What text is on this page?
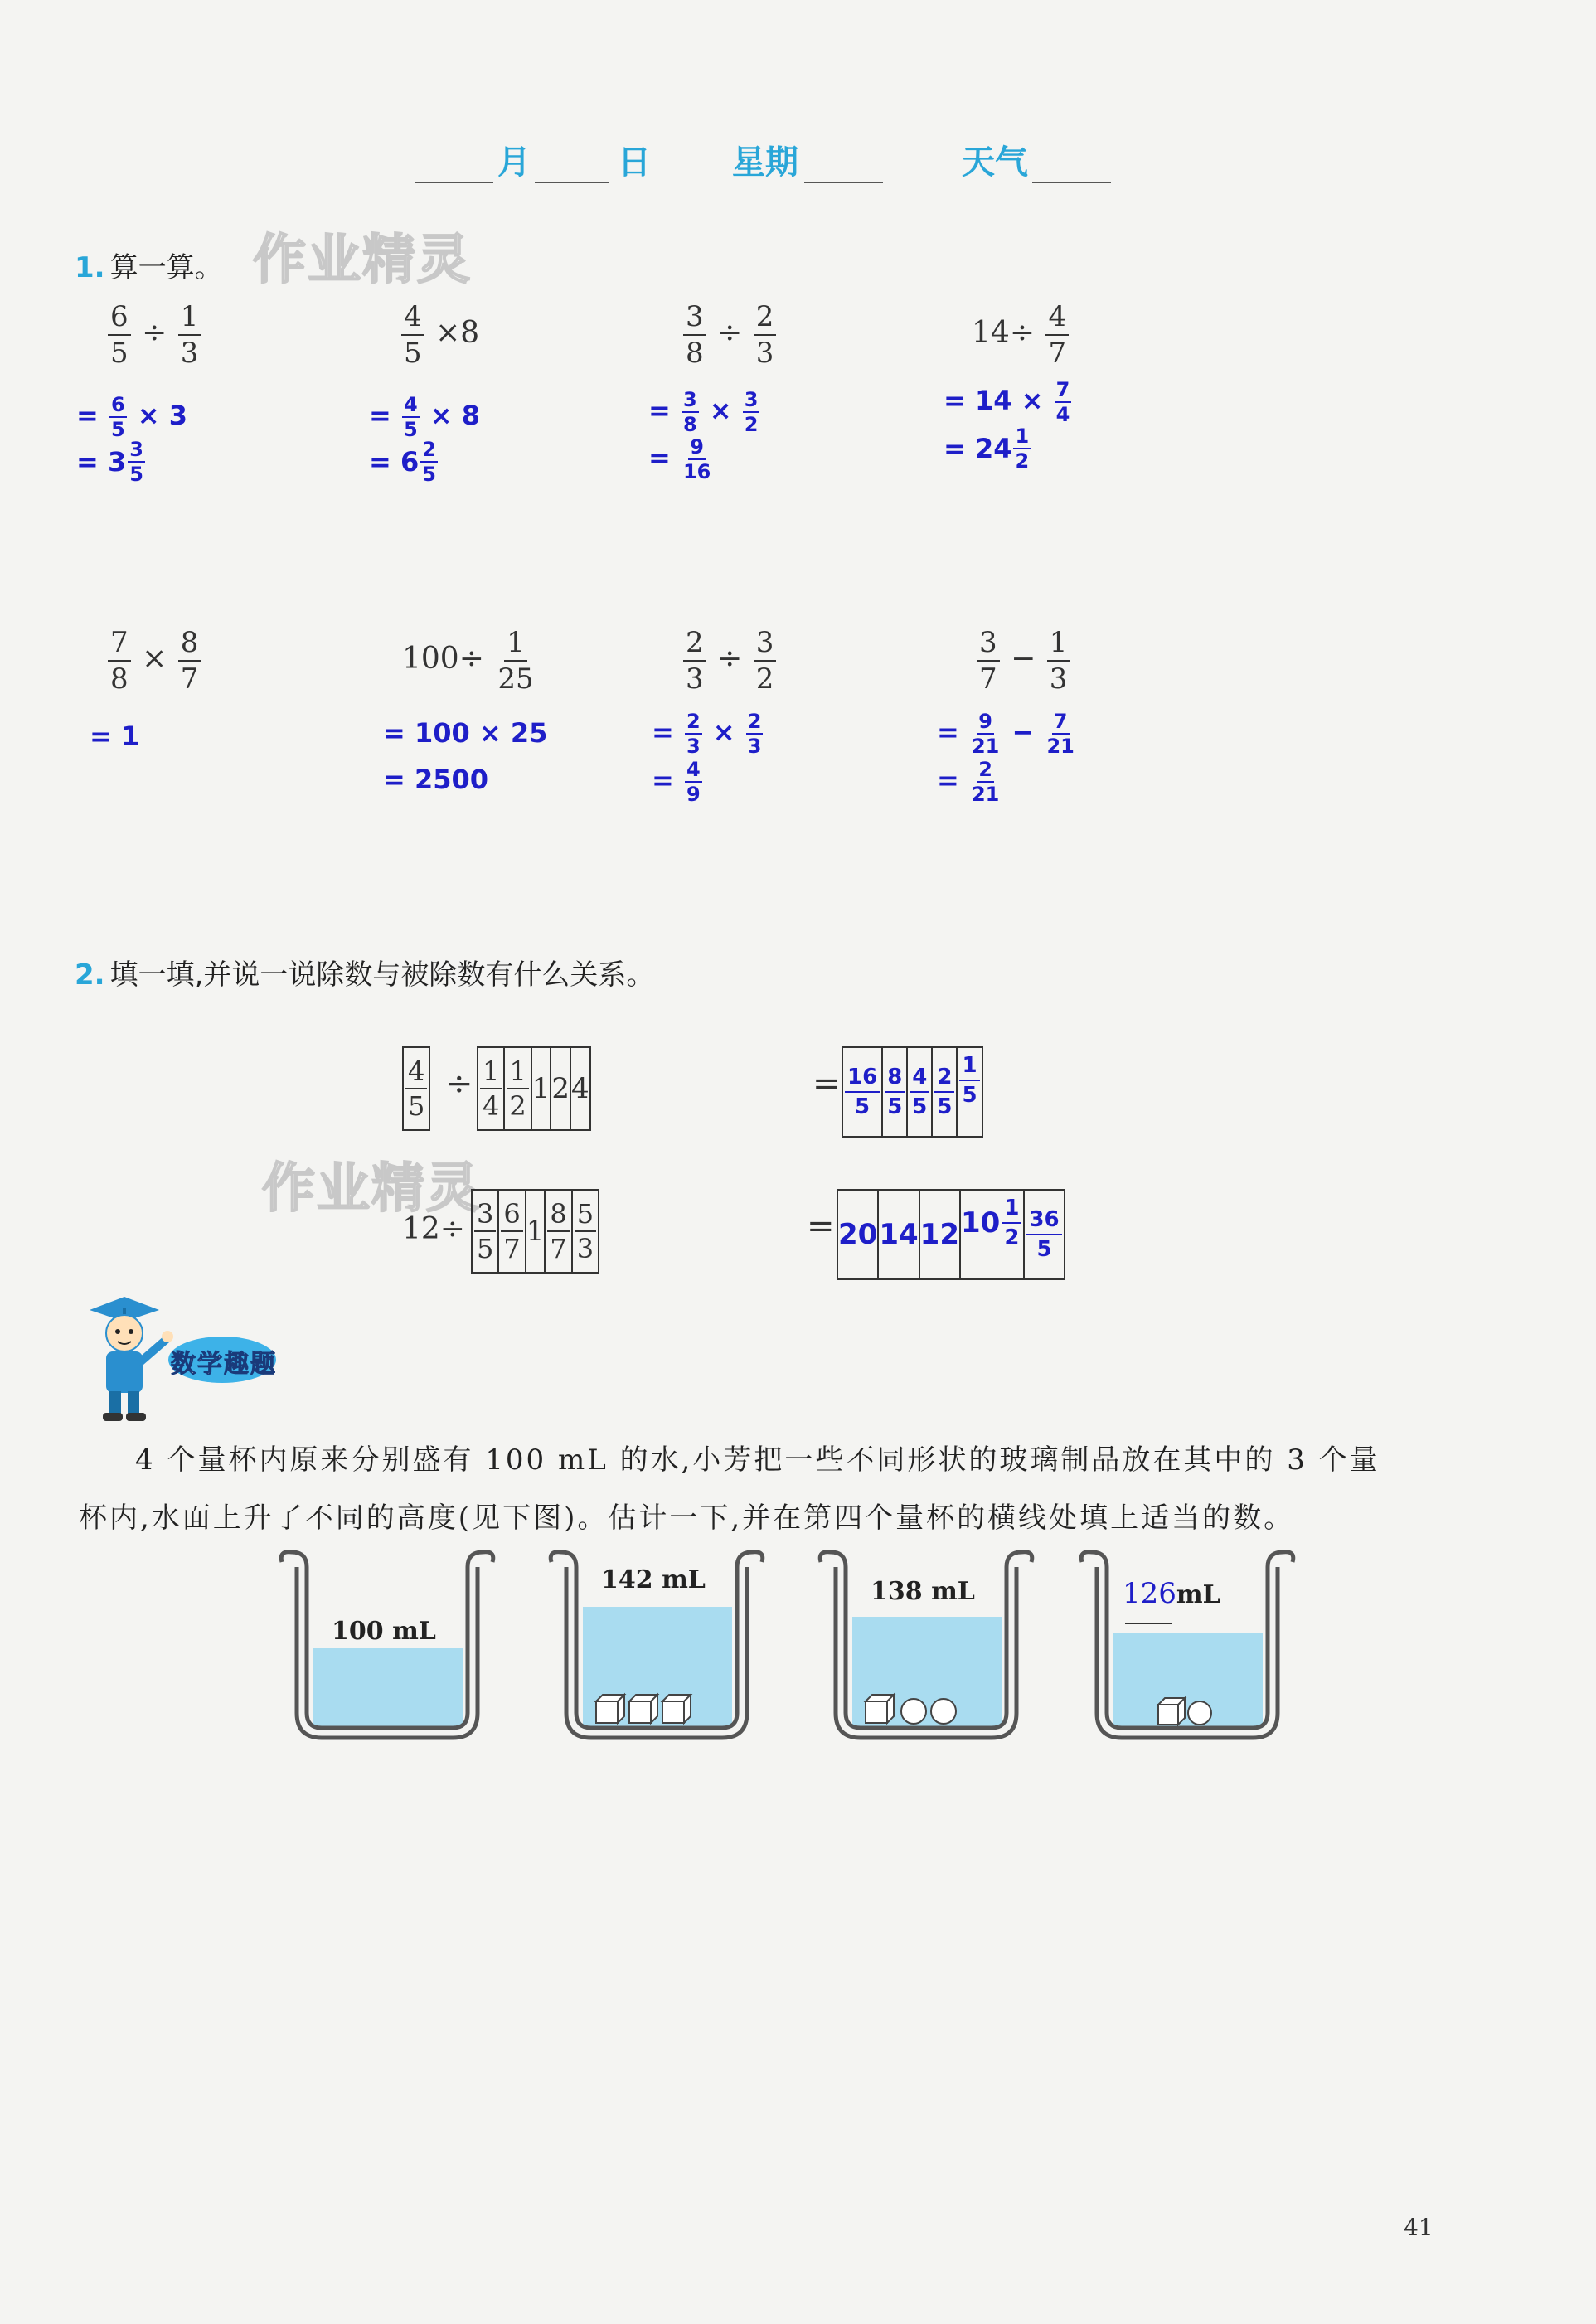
月	日 星期	天气
1. 算一算。 作业精灵
$\frac{6}{5} \div \frac{1}{3}$
= $\frac{6}{5} \times 3$
= $3 \frac{3}{5}$
$\frac{4}{5} \times 8$
= $\frac{4}{5} \times 8$
= $6 \frac{2}{5}$
$\frac{3}{8} \div \frac{2}{3}$
= $\frac{3}{8} \times \frac{3}{2}$
= $\frac{9}{16}$
$14\div \frac{4}{7}$
= $14 \times \frac{7}{4}$
= $24 \frac{1}{2}$
$\frac{7}{8} \times \frac{8}{7}$
= 1
$100\div \frac{1}{25}$
= 100 × 25
= 2500
$\frac{2}{3} \div \frac{3}{2}$
= $\frac{2}{3} \times \frac{2}{3}$
= $\frac{4}{9}$
$\frac{3}{7} - \frac{1}{3}$
= $\frac{9}{21} - \frac{7}{21}$
= $\frac{2}{21}$
2. 填一填,并说一说除数与被除数有什么关系。
$\frac{4}{5} \div \frac{1}{4}$	$\frac{1}{2}$	1	2	4	= $\frac{16}{5}$	$\frac{8}{5}$	$\frac{4}{5}$	$\frac{2}{5}$	$\frac{1}{5}$
作业精灵
$12\div \frac{3}{5}$	$\frac{6}{7}$	1	$\frac{8}{7}$	$\frac{5}{3}$	= 20	14	12	$10 \frac{1}{2}$	$\frac{36}{5}$
数学趣题
4 个量杯内原来分别盛有 100 mL 的水,小芳把一些不同形状的玻璃制品放在其中的 3 个量
杯内,水面上升了不同的高度(见下图)。估计一下,并在第四个量杯的横线处填上适当的数。
100 mL
142 mL	138 mL	126mL
41
